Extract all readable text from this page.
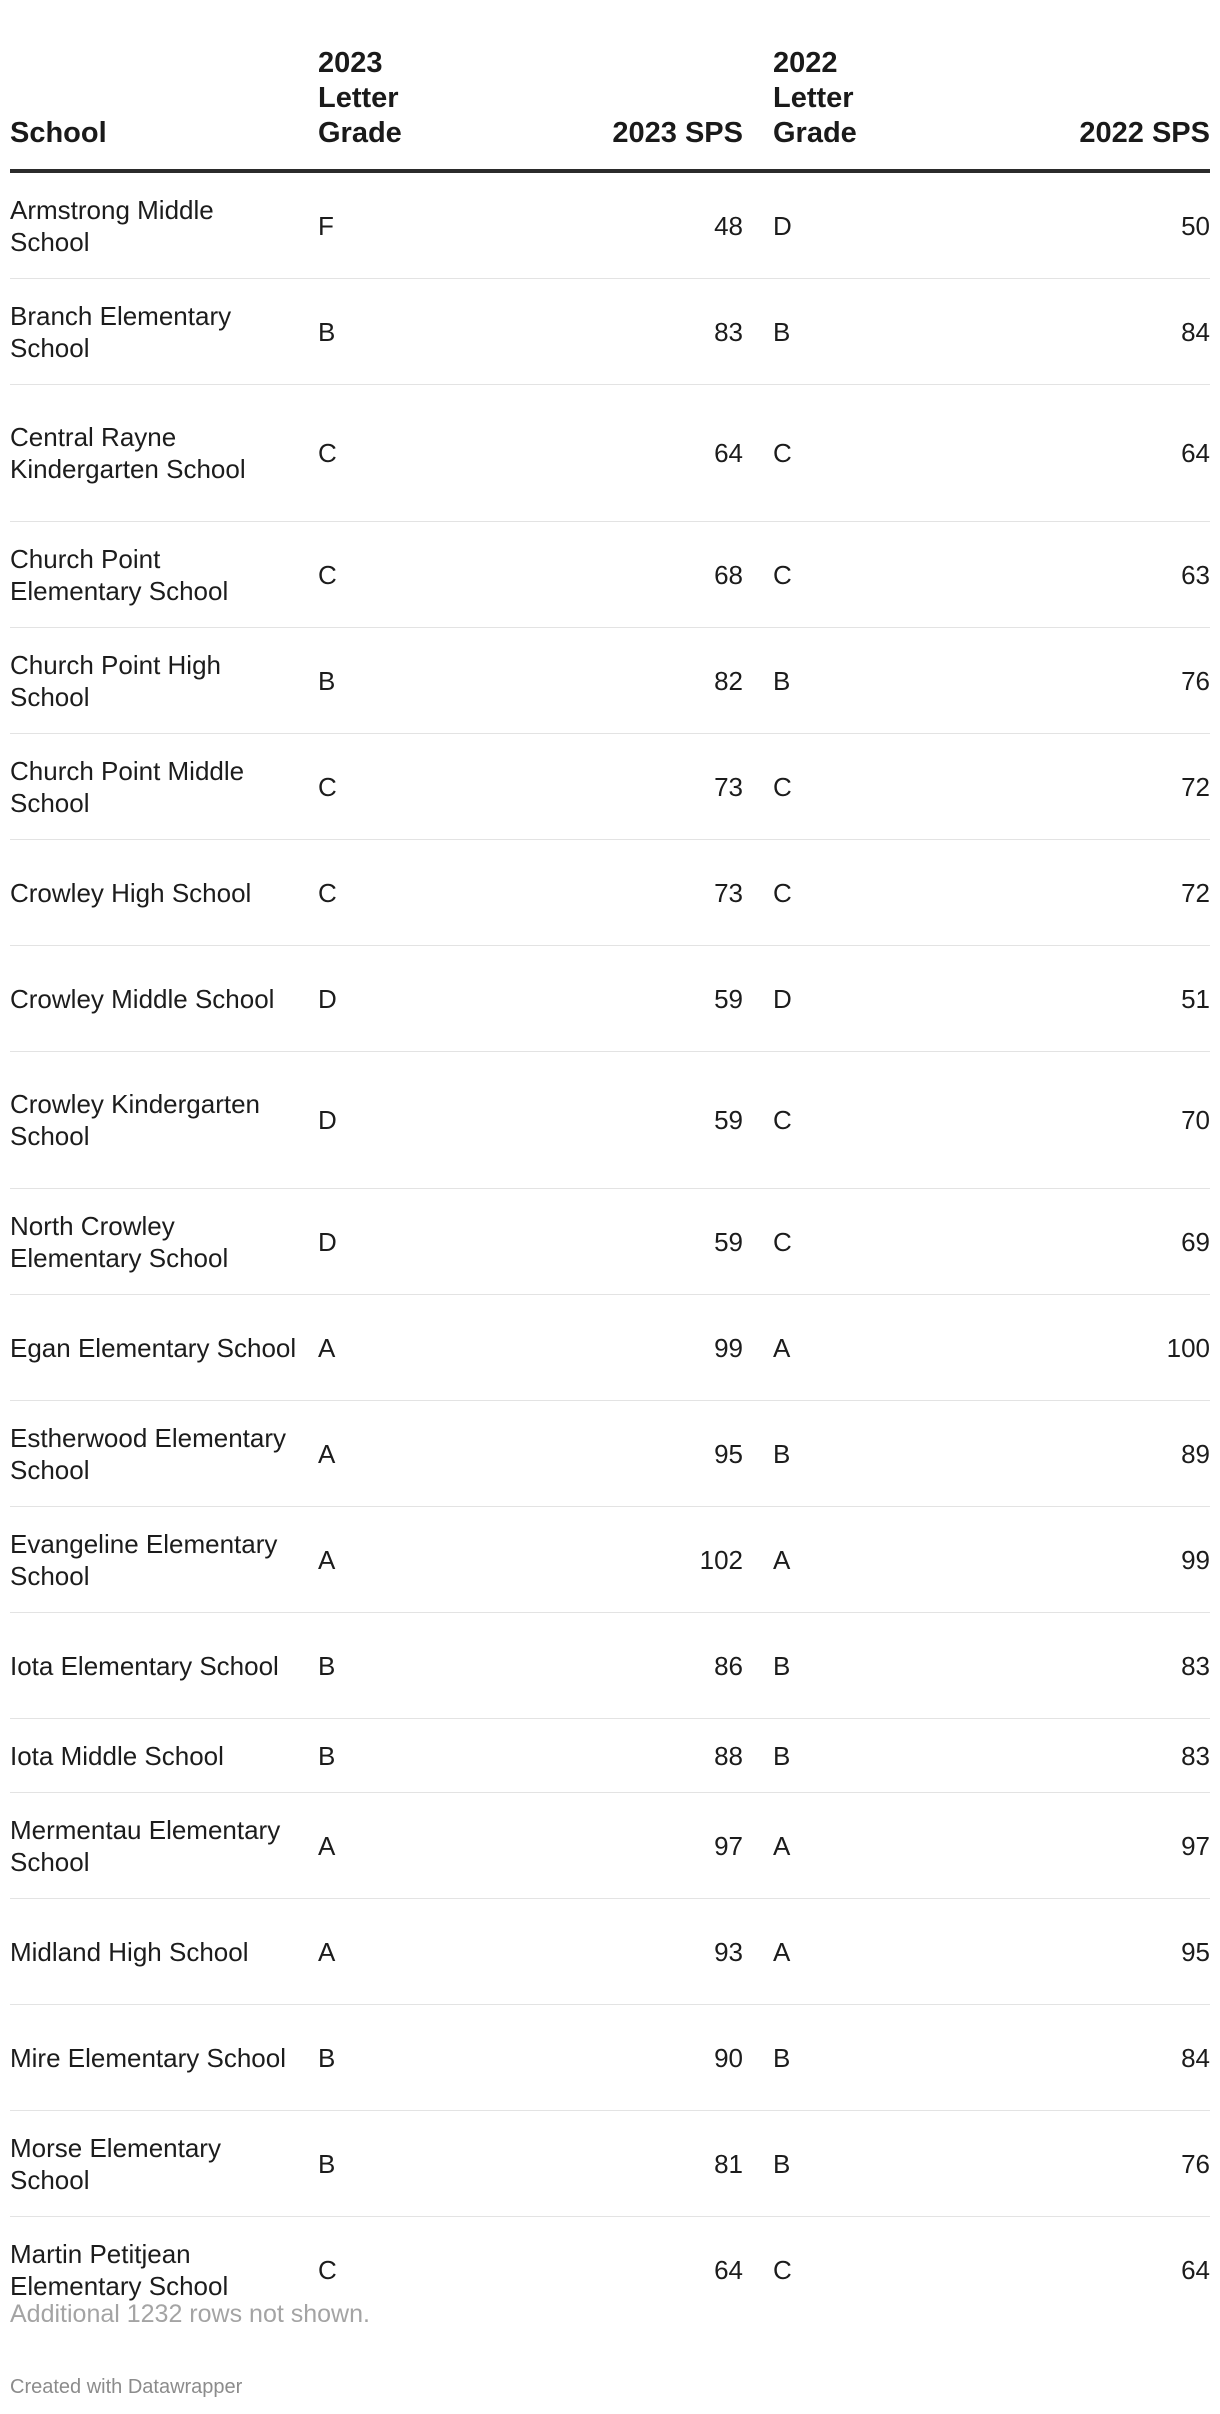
School	2023 Letter Grade	2023 SPS	2022 Letter Grade	2022 SPS
Armstrong Middle School	F	48	D	50
Branch Elementary School	B	83	B	84
Central Rayne Kindergarten School	C	64	C	64
Church Point Elementary School	C	68	C	63
Church Point High School	B	82	B	76
Church Point Middle School	C	73	C	72
Crowley High School	C	73	C	72
Crowley Middle School	D	59	D	51
Crowley Kindergarten School	D	59	C	70
North Crowley Elementary School	D	59	C	69
Egan Elementary School	A	99	A	100
Estherwood Elementary School	A	95	B	89
Evangeline Elementary School	A	102	A	99
Iota Elementary School	B	86	B	83
Iota Middle School	B	88	B	83
Mermentau Elementary School	A	97	A	97
Midland High School	A	93	A	95
Mire Elementary School	B	90	B	84
Morse Elementary School	B	81	B	76
Martin Petitjean Elementary School	C	64	C	64
Additional 1232 rows not shown.
Created with Datawrapper
